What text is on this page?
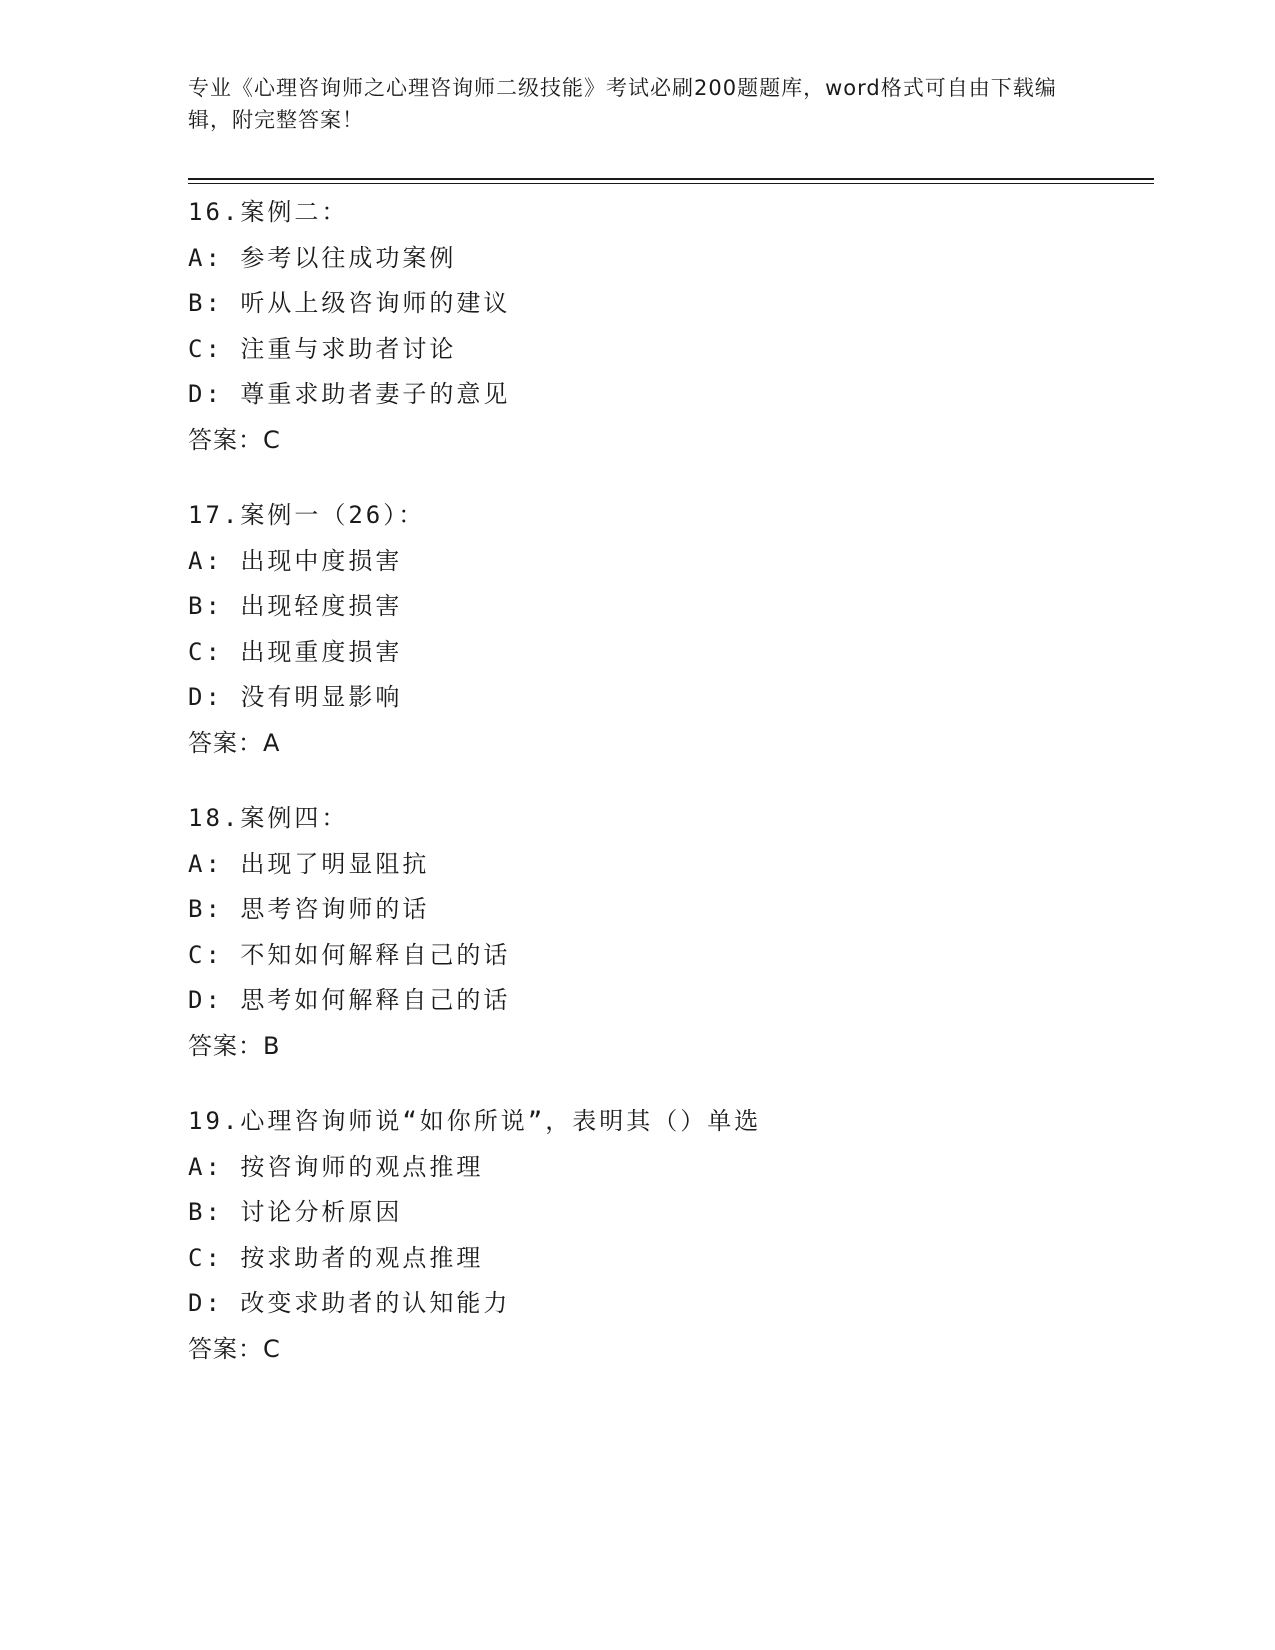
专业《心理咨询师之心理咨询师二级技能》考试必刷200题题库，word格式可自由下载编辑，附完整答案！
16.案例二：
A: 参考以往成功案例
B: 听从上级咨询师的建议
C: 注重与求助者讨论
D: 尊重求助者妻子的意见
答案：C
17.案例一（26）：
A: 出现中度损害
B: 出现轻度损害
C: 出现重度损害
D: 没有明显影响
答案：A
18.案例四：
A: 出现了明显阻抗
B: 思考咨询师的话
C: 不知如何解释自己的话
D: 思考如何解释自己的话
答案：B
19.心理咨询师说“如你所说”，表明其（）单选
A: 按咨询师的观点推理
B: 讨论分析原因
C: 按求助者的观点推理
D: 改变求助者的认知能力
答案：C
